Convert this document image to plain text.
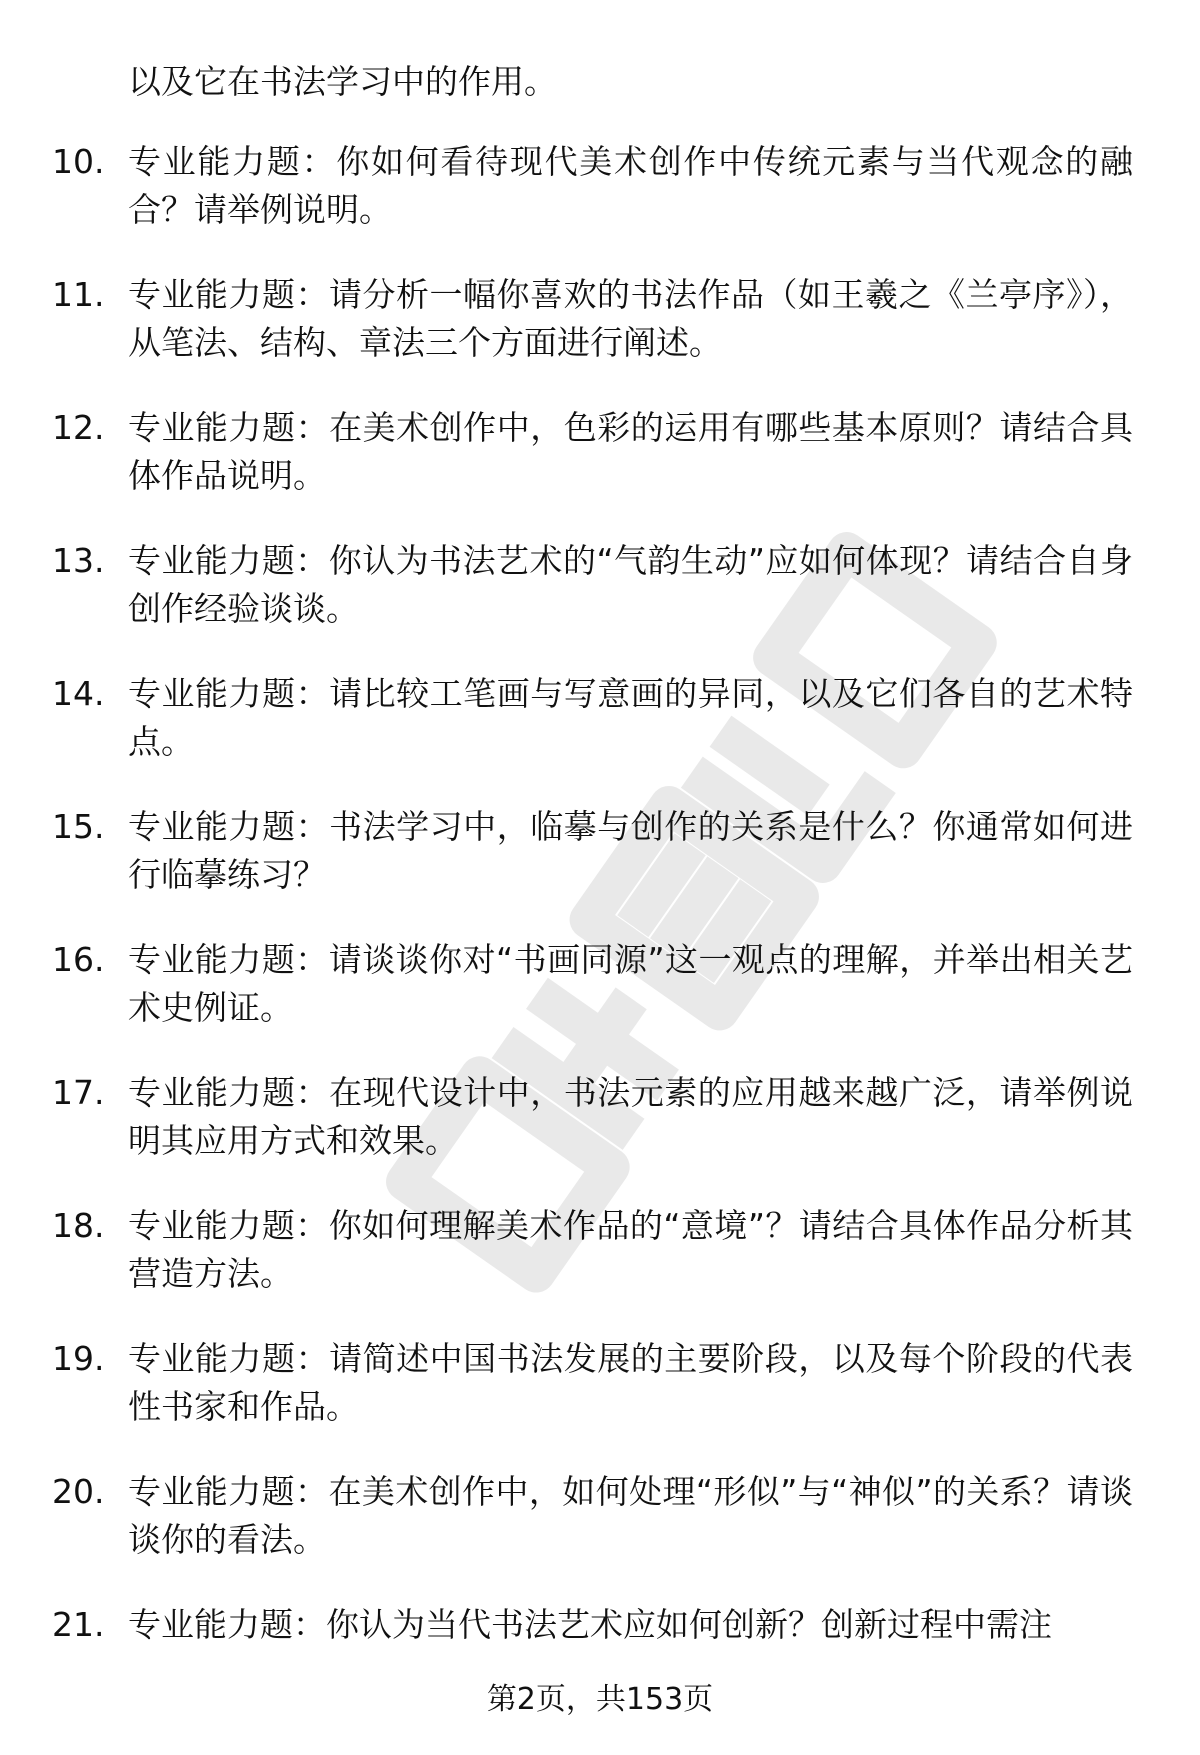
以及它在书法学习中的作用。

10. 专业能力题：你如何看待现代美术创作中传统元素与当代观念的融合？请举例说明。
11. 专业能力题：请分析一幅你喜欢的书法作品（如王羲之《兰亭序》），从笔法、结构、章法三个方面进行阐述。
12. 专业能力题：在美术创作中，色彩的运用有哪些基本原则？请结合具体作品说明。
13. 专业能力题：你认为书法艺术的“气韵生动”应如何体现？请结合自身创作经验谈谈。
14. 专业能力题：请比较工笔画与写意画的异同，以及它们各自的艺术特点。
15. 专业能力题：书法学习中，临摹与创作的关系是什么？你通常如何进行临摹练习？
16. 专业能力题：请谈谈你对“书画同源”这一观点的理解，并举出相关艺术史例证。
17. 专业能力题：在现代设计中，书法元素的应用越来越广泛，请举例说明其应用方式和效果。
18. 专业能力题：你如何理解美术作品的“意境”？请结合具体作品分析其营造方法。
19. 专业能力题：请简述中国书法发展的主要阶段，以及每个阶段的代表性书家和作品。
20. 专业能力题：在美术创作中，如何处理“形似”与“神似”的关系？请谈谈你的看法。
21. 专业能力题：你认为当代书法艺术应如何创新？创新过程中需注
第2页，共153页
